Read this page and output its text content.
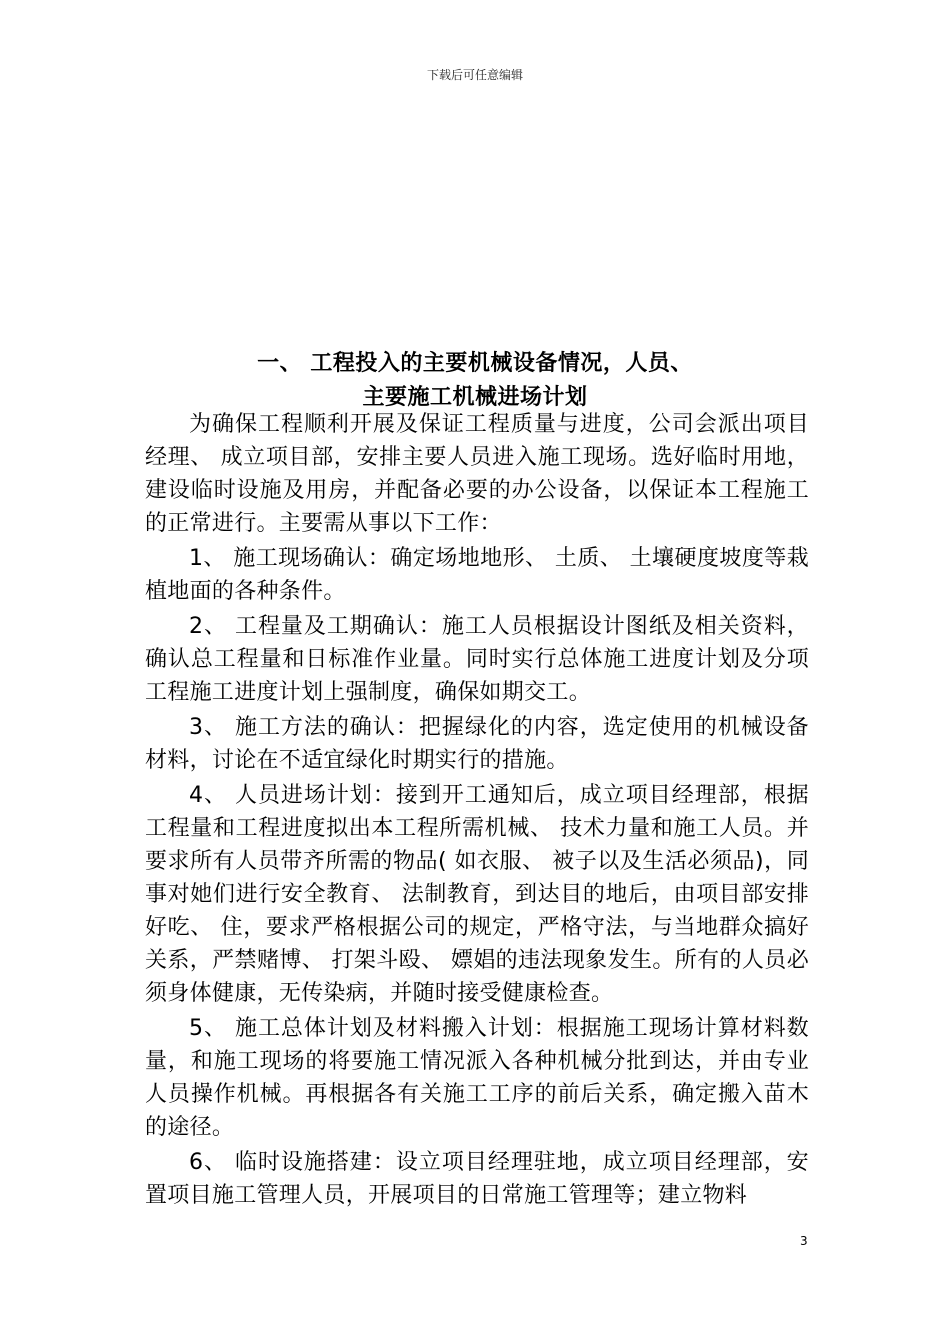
下载后可任意编辑
一、 工程投入的主要机械设备情况，人员、
主要施工机械进场计划

为确保工程顺利开展及保证工程质量与进度，公司会派出项目经理、 成立项目部，安排主要人员进入施工现场。选好临时用地，建设临时设施及用房，并配备必要的办公设备，以保证本工程施工的正常进行。主要需从事以下工作：

1、 施工现场确认：确定场地地形、 土质、 土壤硬度坡度等栽植地面的各种条件。

2、 工程量及工期确认：施工人员根据设计图纸及相关资料，确认总工程量和日标准作业量。同时实行总体施工进度计划及分项工程施工进度计划上强制度，确保如期交工。

3、 施工方法的确认：把握绿化的内容，选定使用的机械设备材料，讨论在不适宜绿化时期实行的措施。

4、 人员进场计划：接到开工通知后，成立项目经理部，根据工程量和工程进度拟出本工程所需机械、 技术力量和施工人员。并要求所有人员带齐所需的物品( 如衣服、 被子以及生活必须品)，同事对她们进行安全教育、 法制教育，到达目的地后，由项目部安排好吃、 住，要求严格根据公司的规定，严格守法，与当地群众搞好关系，严禁赌博、 打架斗殴、 嫖娼的违法现象发生。所有的人员必须身体健康，无传染病，并随时接受健康检查。

5、 施工总体计划及材料搬入计划：根据施工现场计算材料数量，和施工现场的将要施工情况派入各种机械分批到达，并由专业人员操作机械。再根据各有关施工工序的前后关系，确定搬入苗木的途径。

6、 临时设施搭建：设立项目经理驻地，成立项目经理部，安置项目施工管理人员，开展项目的日常施工管理等；建立物料

3
